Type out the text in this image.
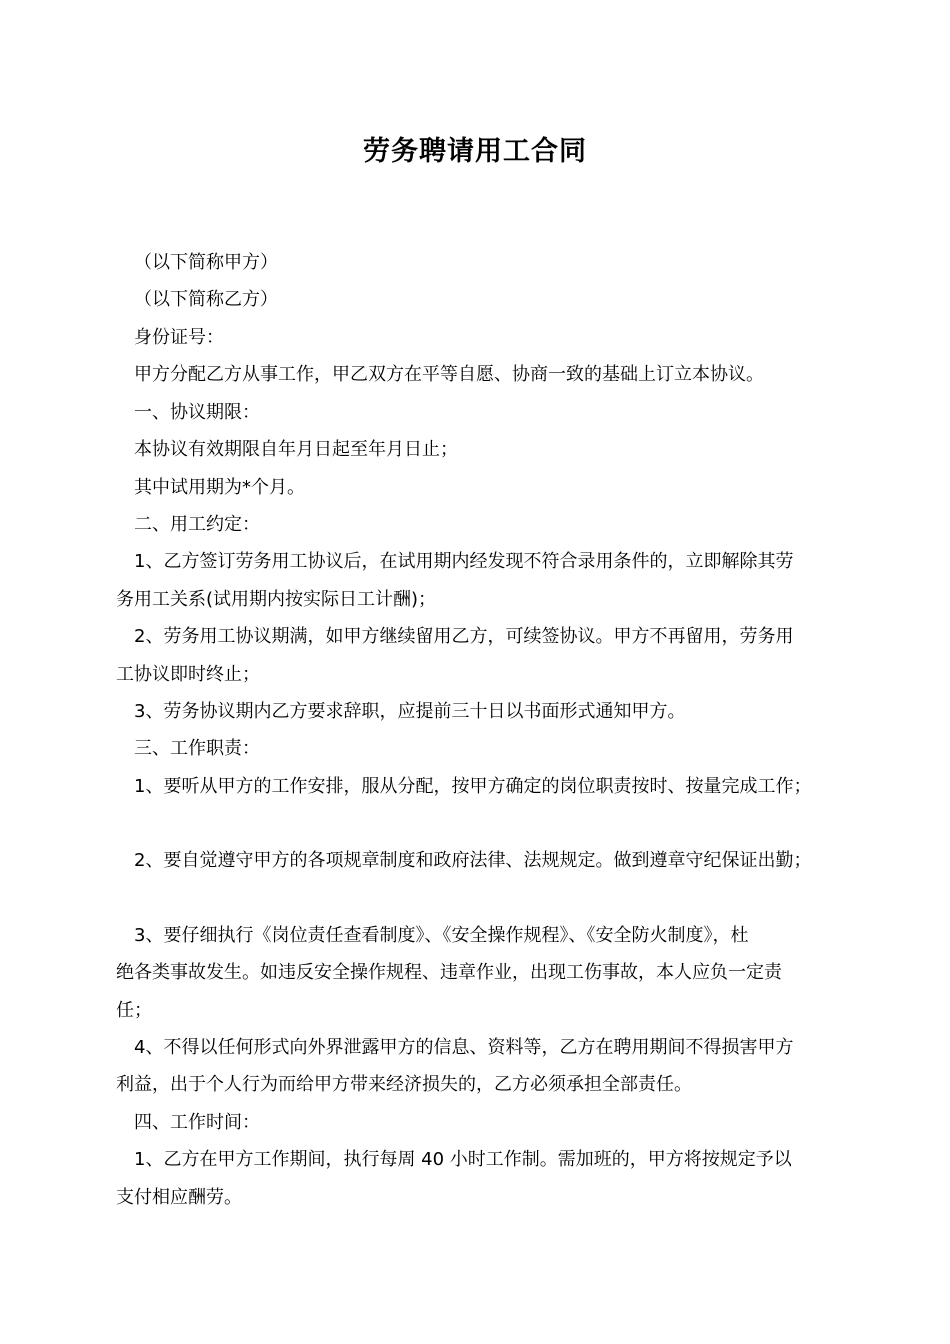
劳务聘请用工合同
（以下简称甲方）
（以下简称乙方）
身份证号：
甲方分配乙方从事工作，甲乙双方在平等自愿、协商一致的基础上订立本协议。
一、协议期限：
本协议有效期限自年月日起至年月日止；
其中试用期为*个月。
二、用工约定：
1、乙方签订劳务用工协议后，在试用期内经发现不符合录用条件的，立即解除其劳
务用工关系(试用期内按实际日工计酬)；
2、劳务用工协议期满，如甲方继续留用乙方，可续签协议。甲方不再留用，劳务用
工协议即时终止；
3、劳务协议期内乙方要求辞职，应提前三十日以书面形式通知甲方。
三、工作职责：
1、要听从甲方的工作安排，服从分配，按甲方确定的岗位职责按时、按量完成工作；
2、要自觉遵守甲方的各项规章制度和政府法律、法规规定。做到遵章守纪保证出勤；
3、要仔细执行《岗位责任查看制度》、《安全操作规程》、《安全防火制度》，杜
绝各类事故发生。如违反安全操作规程、违章作业，出现工伤事故，本人应负一定责
任；
4、不得以任何形式向外界泄露甲方的信息、资料等，乙方在聘用期间不得损害甲方
利益，出于个人行为而给甲方带来经济损失的，乙方必须承担全部责任。
四、工作时间：
1、乙方在甲方工作期间，执行每周 40 小时工作制。需加班的，甲方将按规定予以
支付相应酬劳。
